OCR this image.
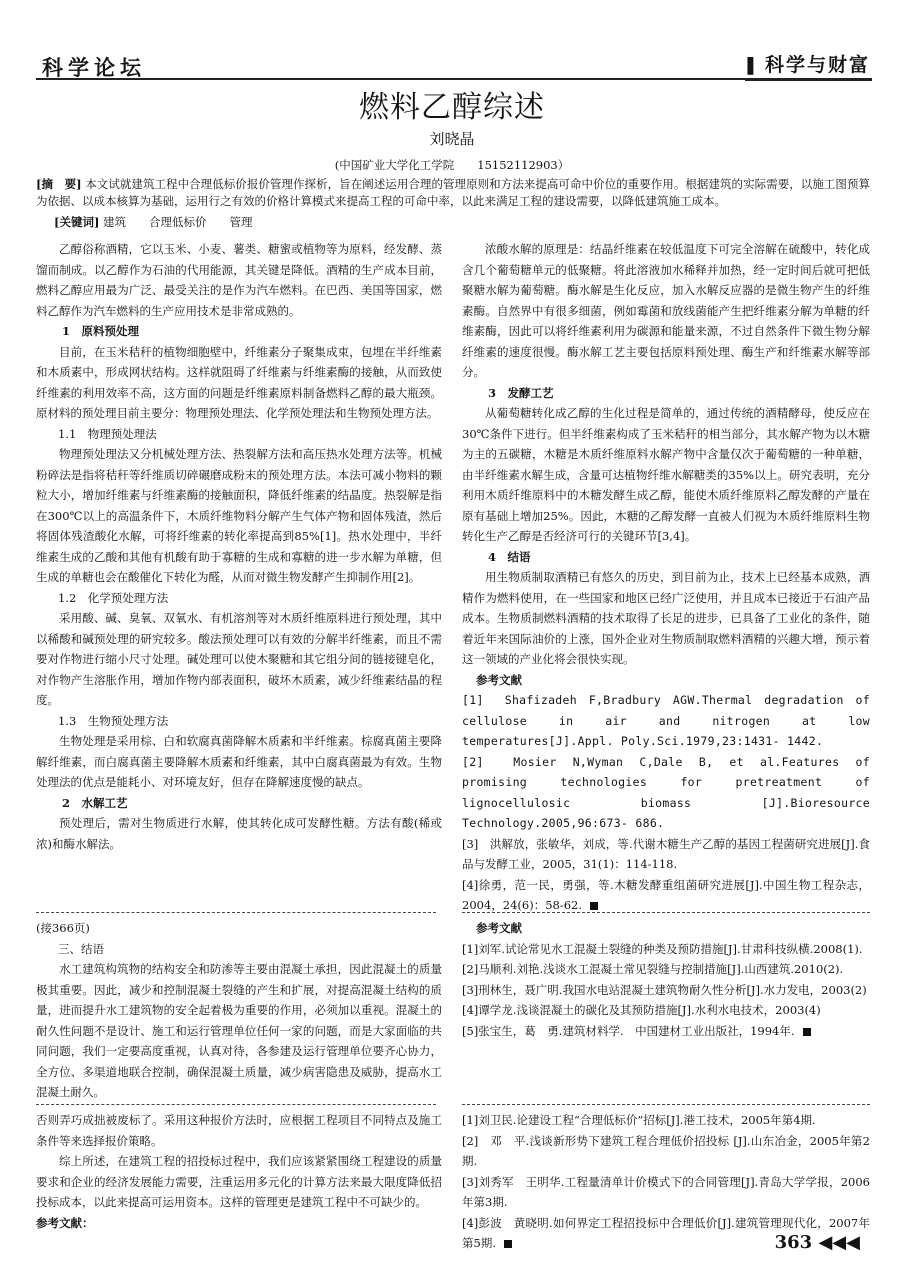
科学论坛	▌ 科学与财富
燃料乙醇综述
刘晓晶
(中国矿业大学化工学院　　15152112903）
[摘　要] 本文试就建筑工程中合理低标价报价管理作探析，旨在阐述运用合理的管理原则和方法来提高可命中价位的重要作用。根据建筑的实际需要，以施工图预算为依据、以成本核算为基础，运用行之有效的价格计算模式来提高工程的可命中率，以此来满足工程的建设需要，以降低建筑施工成本。
[关键词] 建筑　　合理低标价　　管理

乙醇俗称酒精，它以玉米、小麦、薯类、糖蜜或植物等为原料，经发酵、蒸馏而制成。以乙醇作为石油的代用能源，其关键是降低。酒精的生产成本目前，燃料乙醇应用最为广泛、最受关注的是作为汽车燃料。在巴西、美国等国家，燃料乙醇作为汽车燃料的生产应用技术是非常成熟的。

1　原料预处理

目前，在玉米秸秆的植物细胞壁中，纤维素分子聚集成束，包埋在半纤维素和木质素中，形成网状结构。这样就阻碍了纤维素与纤维素酶的接触，从而致使纤维素的利用效率不高，这方面的问题是纤维素原料制备燃料乙醇的最大瓶颈。原材料的预处理目前主要分：物理预处理法、化学预处理法和生物预处理方法。

1.1　物理预处理法

物理预处理法又分机械处理方法、热裂解方法和高压热水处理方法等。机械粉碎法是指将秸秆等纤维质切碎碾磨成粉末的预处理方法。本法可减小物料的颗粒大小，增加纤维素与纤维素酶的接触面积，降低纤维素的结晶度。热裂解是指在300℃以上的高温条件下，木质纤维物料分解产生气体产物和固体残渣，然后将固体残渣酸化水解，可将纤维素的转化率提高到85%[1]。热水处理中，半纤维素生成的乙酸和其他有机酸有助于寡糖的生成和寡糖的进一步水解为单糖，但生成的单糖也会在酸催化下转化为醛，从而对微生物发酵产生抑制作用[2]。

1.2　化学预处理方法

采用酸、碱、臭氧、双氧水、有机溶剂等对木质纤维原料进行预处理，其中以稀酸和碱预处理的研究较多。酸法预处理可以有效的分解半纤维素，而且不需要对作物进行缩小尺寸处理。碱处理可以使木聚糖和其它组分间的链接键皂化，对作物产生溶胀作用，增加作物内部表面积，破坏木质素，减少纤维素结晶的程度。

1.3　生物预处理方法

生物处理是采用棕、白和软腐真菌降解木质素和半纤维素。棕腐真菌主要降解纤维素，而白腐真菌主要降解木质素和纤维素，其中白腐真菌最为有效。生物处理法的优点是能耗小、对环境友好，但存在降解速度慢的缺点。

2　水解工艺

预处理后，需对生物质进行水解，使其转化成可发酵性糖。方法有酸(稀或浓)和酶水解法。

浓酸水解的原理是：结晶纤维素在较低温度下可完全溶解在硫酸中，转化成含几个葡萄糖单元的低聚糖。将此溶液加水稀释并加热，经一定时间后就可把低聚糖水解为葡萄糖。酶水解是生化反应，加入水解反应器的是微生物产生的纤维素酶。自然界中有很多细菌，例如霉菌和放线菌能产生把纤维素分解为单糖的纤维素酶，因此可以将纤维素利用为碳源和能量来源，不过自然条件下微生物分解纤维素的速度很慢。酶水解工艺主要包括原料预处理、酶生产和纤维素水解等部分。

3　发酵工艺

从葡萄糖转化成乙醇的生化过程是简单的，通过传统的酒精酵母，使反应在30℃条件下进行。但半纤维素构成了玉米秸秆的相当部分，其水解产物为以木糖为主的五碳糖，木糖是木质纤维原料水解产物中含量仅次于葡萄糖的一种单糖，由半纤维素水解生成，含量可达植物纤维水解糖类的35%以上。研究表明，充分利用木质纤维原料中的木糖发酵生成乙醇，能使木质纤维原料乙醇发酵的产量在原有基础上增加25%。因此，木糖的乙醇发酵一直被人们视为木质纤维原料生物转化生产乙醇是否经济可行的关键环节[3,4]。

4　结语

用生物质制取酒精已有悠久的历史，到目前为止，技术上已经基本成熟，酒精作为燃料使用，在一些国家和地区已经广泛使用，并且成本已接近于石油产品成本。生物质制燃料酒精的技术取得了长足的进步，已具备了工业化的条件，随着近年来国际油价的上涨，国外企业对生物质制取燃料酒精的兴趣大增，预示着这一领域的产业化将会很快实现。

参考文献

[1]　Shafizadeh F,Bradbury AGW.Thermal degradation of cellulose in air and nitrogen at low temperatures[J].Appl. Poly.Sci.1979,23:1431- 1442.

[2]　Mosier N,Wyman C,Dale B, et al.Features of promising technologies for pretreatment of lignocellulosic biomass [J].Bioresource Technology.2005,96:673- 686.

[3]　洪解放，张敏华，刘成，等.代谢木糖生产乙醇的基因工程菌研究进展[J].食品与发酵工业，2005，31(1)：114-118.

[4]徐勇，范一民，勇强，等.木糖发酵重组菌研究进展[J].中国生物工程杂志，2004，24(6)：58-62.

(接366页)

三、结语

水工建筑构筑物的结构安全和防渗等主要由混凝土承担，因此混凝土的质量极其重要。因此，减少和控制混凝土裂缝的产生和扩展，对提高混凝土结构的质量，进而提升水工建筑物的安全起着极为重要的作用，必须加以重视。混凝土的耐久性问题不是设计、施工和运行管理单位任何一家的问题，而是大家面临的共同问题，我们一定要高度重视，认真对待，各参建及运行管理单位要齐心协力，全方位、多渠道地联合控制，确保混凝土质量，减少病害隐患及威胁，提高水工混凝土耐久。

参考文献

[1]刘军.试论常见水工混凝土裂缝的种类及预防措施[J].甘肃科技纵横.2008(1).

[2]马顺利.刘艳.浅谈水工混凝土常见裂缝与控制措施[J].山西建筑.2010(2).

[3]刑林生，聂广明.我国水电站混凝土建筑物耐久性分析[J].水力发电，2003(2)

[4]谭学龙.浅谈混凝土的碳化及其预防措施[J].水利水电技术，2003(4)

[5]张宝生，葛　勇.建筑材料学.　中国建材工业出版社，1994年.

否则弄巧成拙被废标了。采用这种报价方法时，应根据工程项目不同特点及施工条件等来选择报价策略。

综上所述，在建筑工程的招投标过程中，我们应该紧紧围绕工程建设的质量要求和企业的经济发展能力需要，注重运用多元化的计算方法来最大限度降低招投标成本，以此来提高可运用资本。这样的管理更是建筑工程中不可缺少的。

参考文献：

[1]刘卫民.论建设工程“合理低标价”招标[J].港工技术，2005年第4期.

[2]　邓　平.浅谈新形势下建筑工程合理低价招投标 [J].山东冶金，2005年第2期.

[3]刘秀军　王明华.工程量清单计价模式下的合同管理[J].青岛大学学报，2006年第3期.

[4]彭波　黄晓明.如何界定工程招投标中合理低价[J].建筑管理现代化，2007年第5期.	363 ◀◀◀
